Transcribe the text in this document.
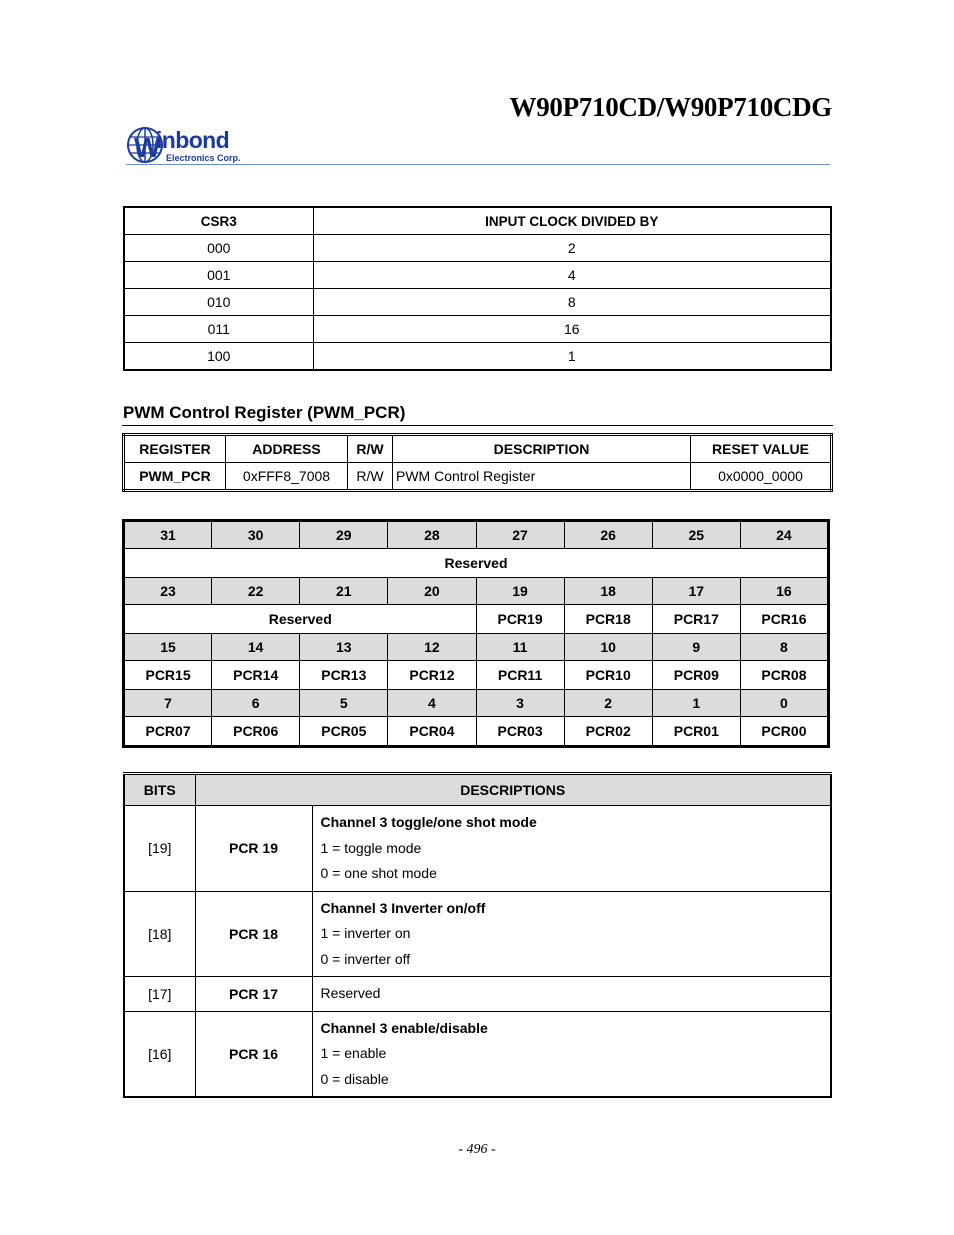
W90P710CD/W90P710CDG
W
inbond
Electronics Corp.
CSR3	INPUT CLOCK DIVIDED BY
000	2
001	4
010	8
011	16
100	1
PWM Control Register (PWM_PCR)
REGISTER	ADDRESS	R/W	DESCRIPTION	RESET VALUE
PWM_PCR	0xFFF8_7008	R/W	PWM Control Register	0x0000_0000
31	30	29	28	27	26	25	24
Reserved							
23	22	21	20	19	18	17	16
Reserved				PCR19	PCR18	PCR17	PCR16
15	14	13	12	11	10	9	8
PCR15	PCR14	PCR13	PCR12	PCR11	PCR10	PCR09	PCR08
7	6	5	4	3	2	1	0
PCR07	PCR06	PCR05	PCR04	PCR03	PCR02	PCR01	PCR00
BITS	DESCRIPTIONS	
[19]	PCR 19	Channel 3 toggle/one shot mode
1 = toggle mode
0 = one shot mode

[18]	PCR 18	Channel 3 Inverter on/off
1 = inverter on
0 = inverter off

[17]	PCR 17	Reserved
[16]	PCR 16	Channel 3 enable/disable
1 = enable
0 = disable
- 496 -
